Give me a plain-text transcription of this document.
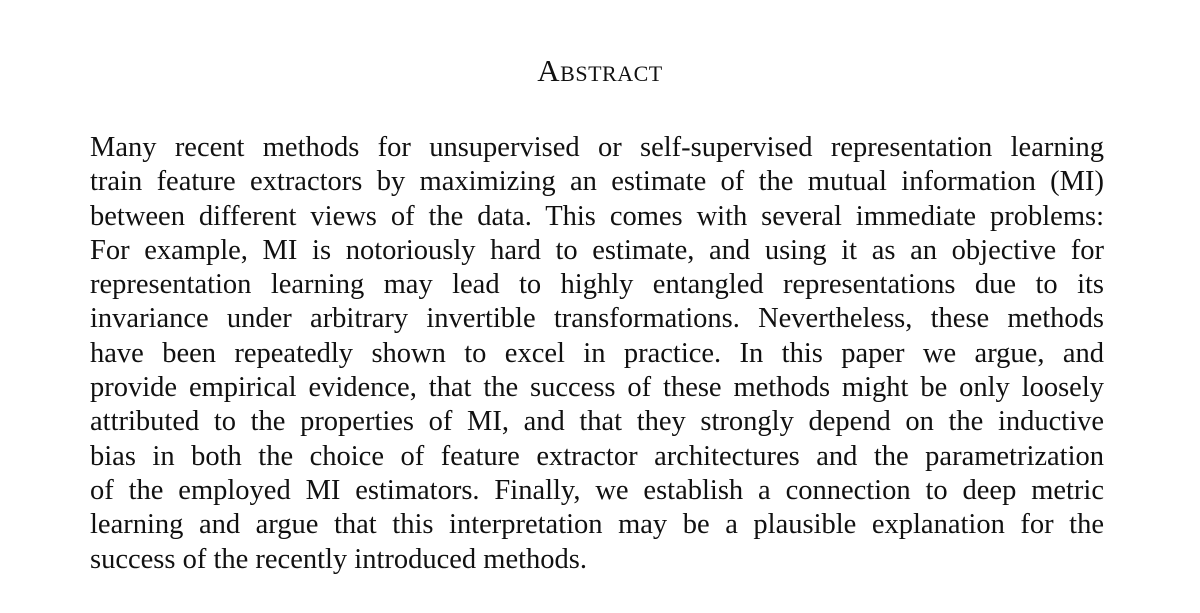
Abstract
Many recent methods for unsupervised or self-supervised representation learning
train feature extractors by maximizing an estimate of the mutual information (MI)
between different views of the data. This comes with several immediate problems:
For example, MI is notoriously hard to estimate, and using it as an objective for
representation learning may lead to highly entangled representations due to its
invariance under arbitrary invertible transformations. Nevertheless, these methods
have been repeatedly shown to excel in practice. In this paper we argue, and
provide empirical evidence, that the success of these methods might be only loosely
attributed to the properties of MI, and that they strongly depend on the inductive
bias in both the choice of feature extractor architectures and the parametrization
of the employed MI estimators. Finally, we establish a connection to deep metric
learning and argue that this interpretation may be a plausible explanation for the
success of the recently introduced methods.
